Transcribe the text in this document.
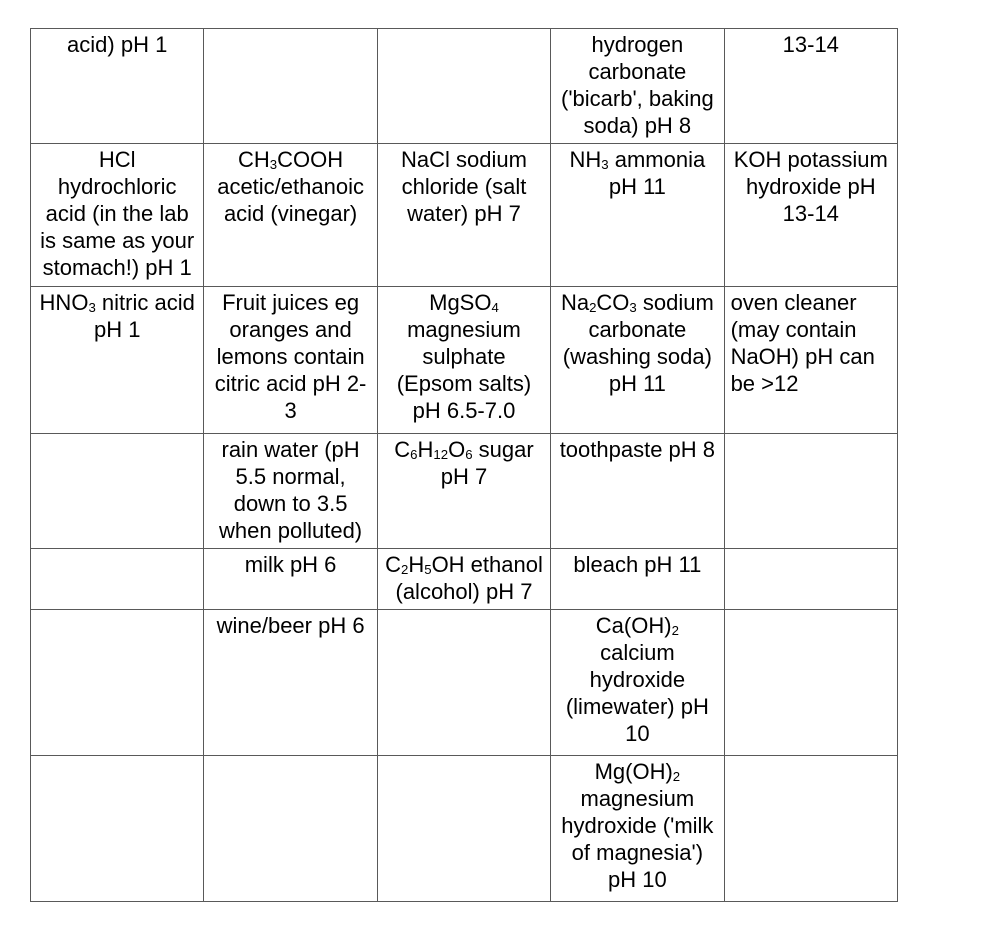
acid) pH 1			hydrogen carbonate ('bicarb', baking soda) pH 8	13-14
HCl hydrochloric acid (in the lab is same as your stomach!) pH 1	$CH_3COOH$ acetic/ethanoic acid (vinegar)	NaCl sodium chloride (salt water) pH 7	$NH_3$ ammonia pH 11	KOH potassium hydroxide pH 13-14
$HNO_3$ nitric acid pH 1	Fruit juices eg oranges and lemons contain citric acid pH 2-3	MgSO$_4$ magnesium sulphate (Epsom salts) pH 6.5-7.0	$Na_2CO_3$ sodium carbonate (washing soda) pH 11	oven cleaner (may contain NaOH) pH can be >12
	rain water (pH 5.5 normal, down to 3.5 when polluted)	$C_6H_{12}O_6$ sugar pH 7	toothpaste pH 8	
	milk pH 6	$C_2H_5OH$ ethanol (alcohol) pH 7	bleach pH 11	
	wine/beer pH 6		$Ca(OH)_2$ calcium hydroxide (limewater) pH 10	
			$Mg(OH)_2$ magnesium hydroxide ('milk of magnesia') pH 10	
